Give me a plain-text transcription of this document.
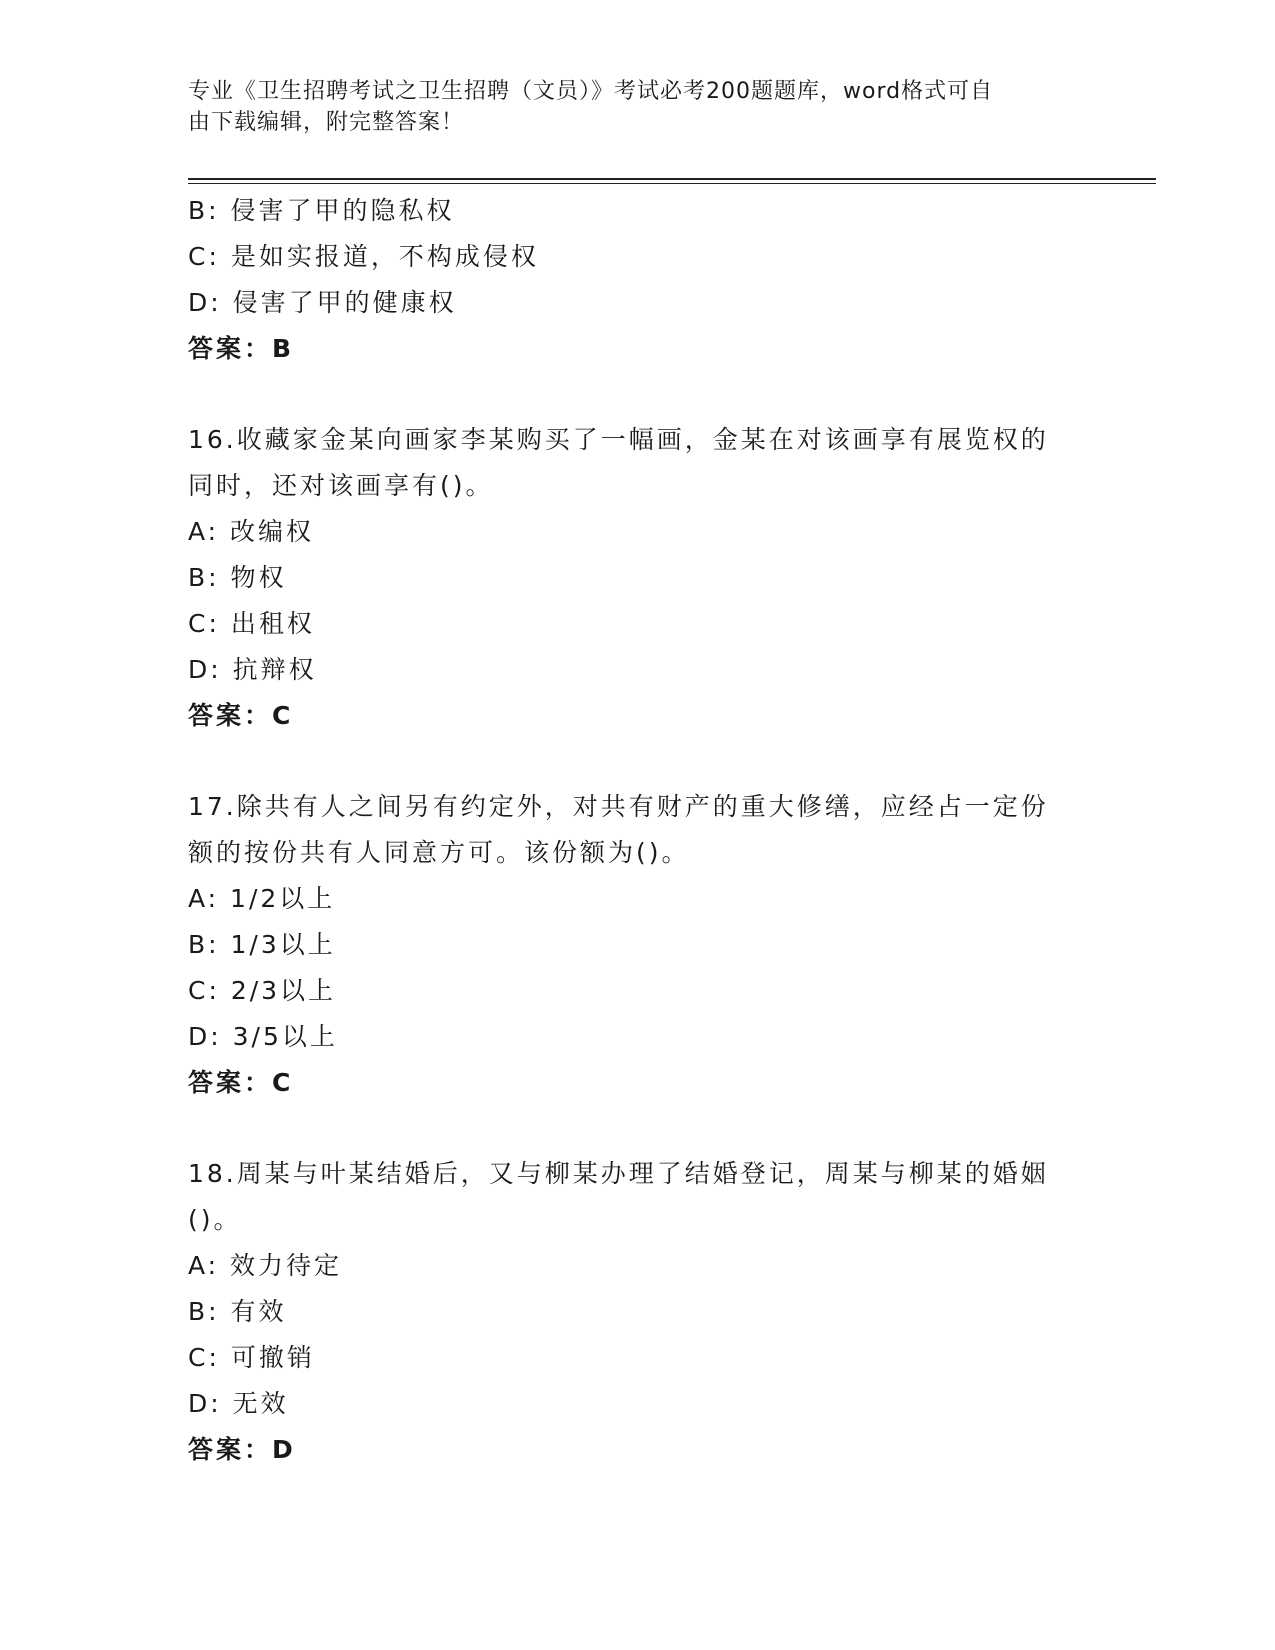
专业《卫生招聘考试之卫生招聘（文员）》考试必考200题题库，word格式可自
由下载编辑，附完整答案！
B: 侵害了甲的隐私权
C: 是如实报道，不构成侵权
D: 侵害了甲的健康权
答案：B
16.收藏家金某向画家李某购买了一幅画，金某在对该画享有展览权的
同时，还对该画享有()。
A: 改编权
B: 物权
C: 出租权
D: 抗辩权
答案：C
17.除共有人之间另有约定外，对共有财产的重大修缮，应经占一定份
额的按份共有人同意方可。该份额为()。
A: 1/2以上
B: 1/3以上
C: 2/3以上
D: 3/5以上
答案：C
18.周某与叶某结婚后，又与柳某办理了结婚登记，周某与柳某的婚姻
()。
A: 效力待定
B: 有效
C: 可撤销
D: 无效
答案：D
